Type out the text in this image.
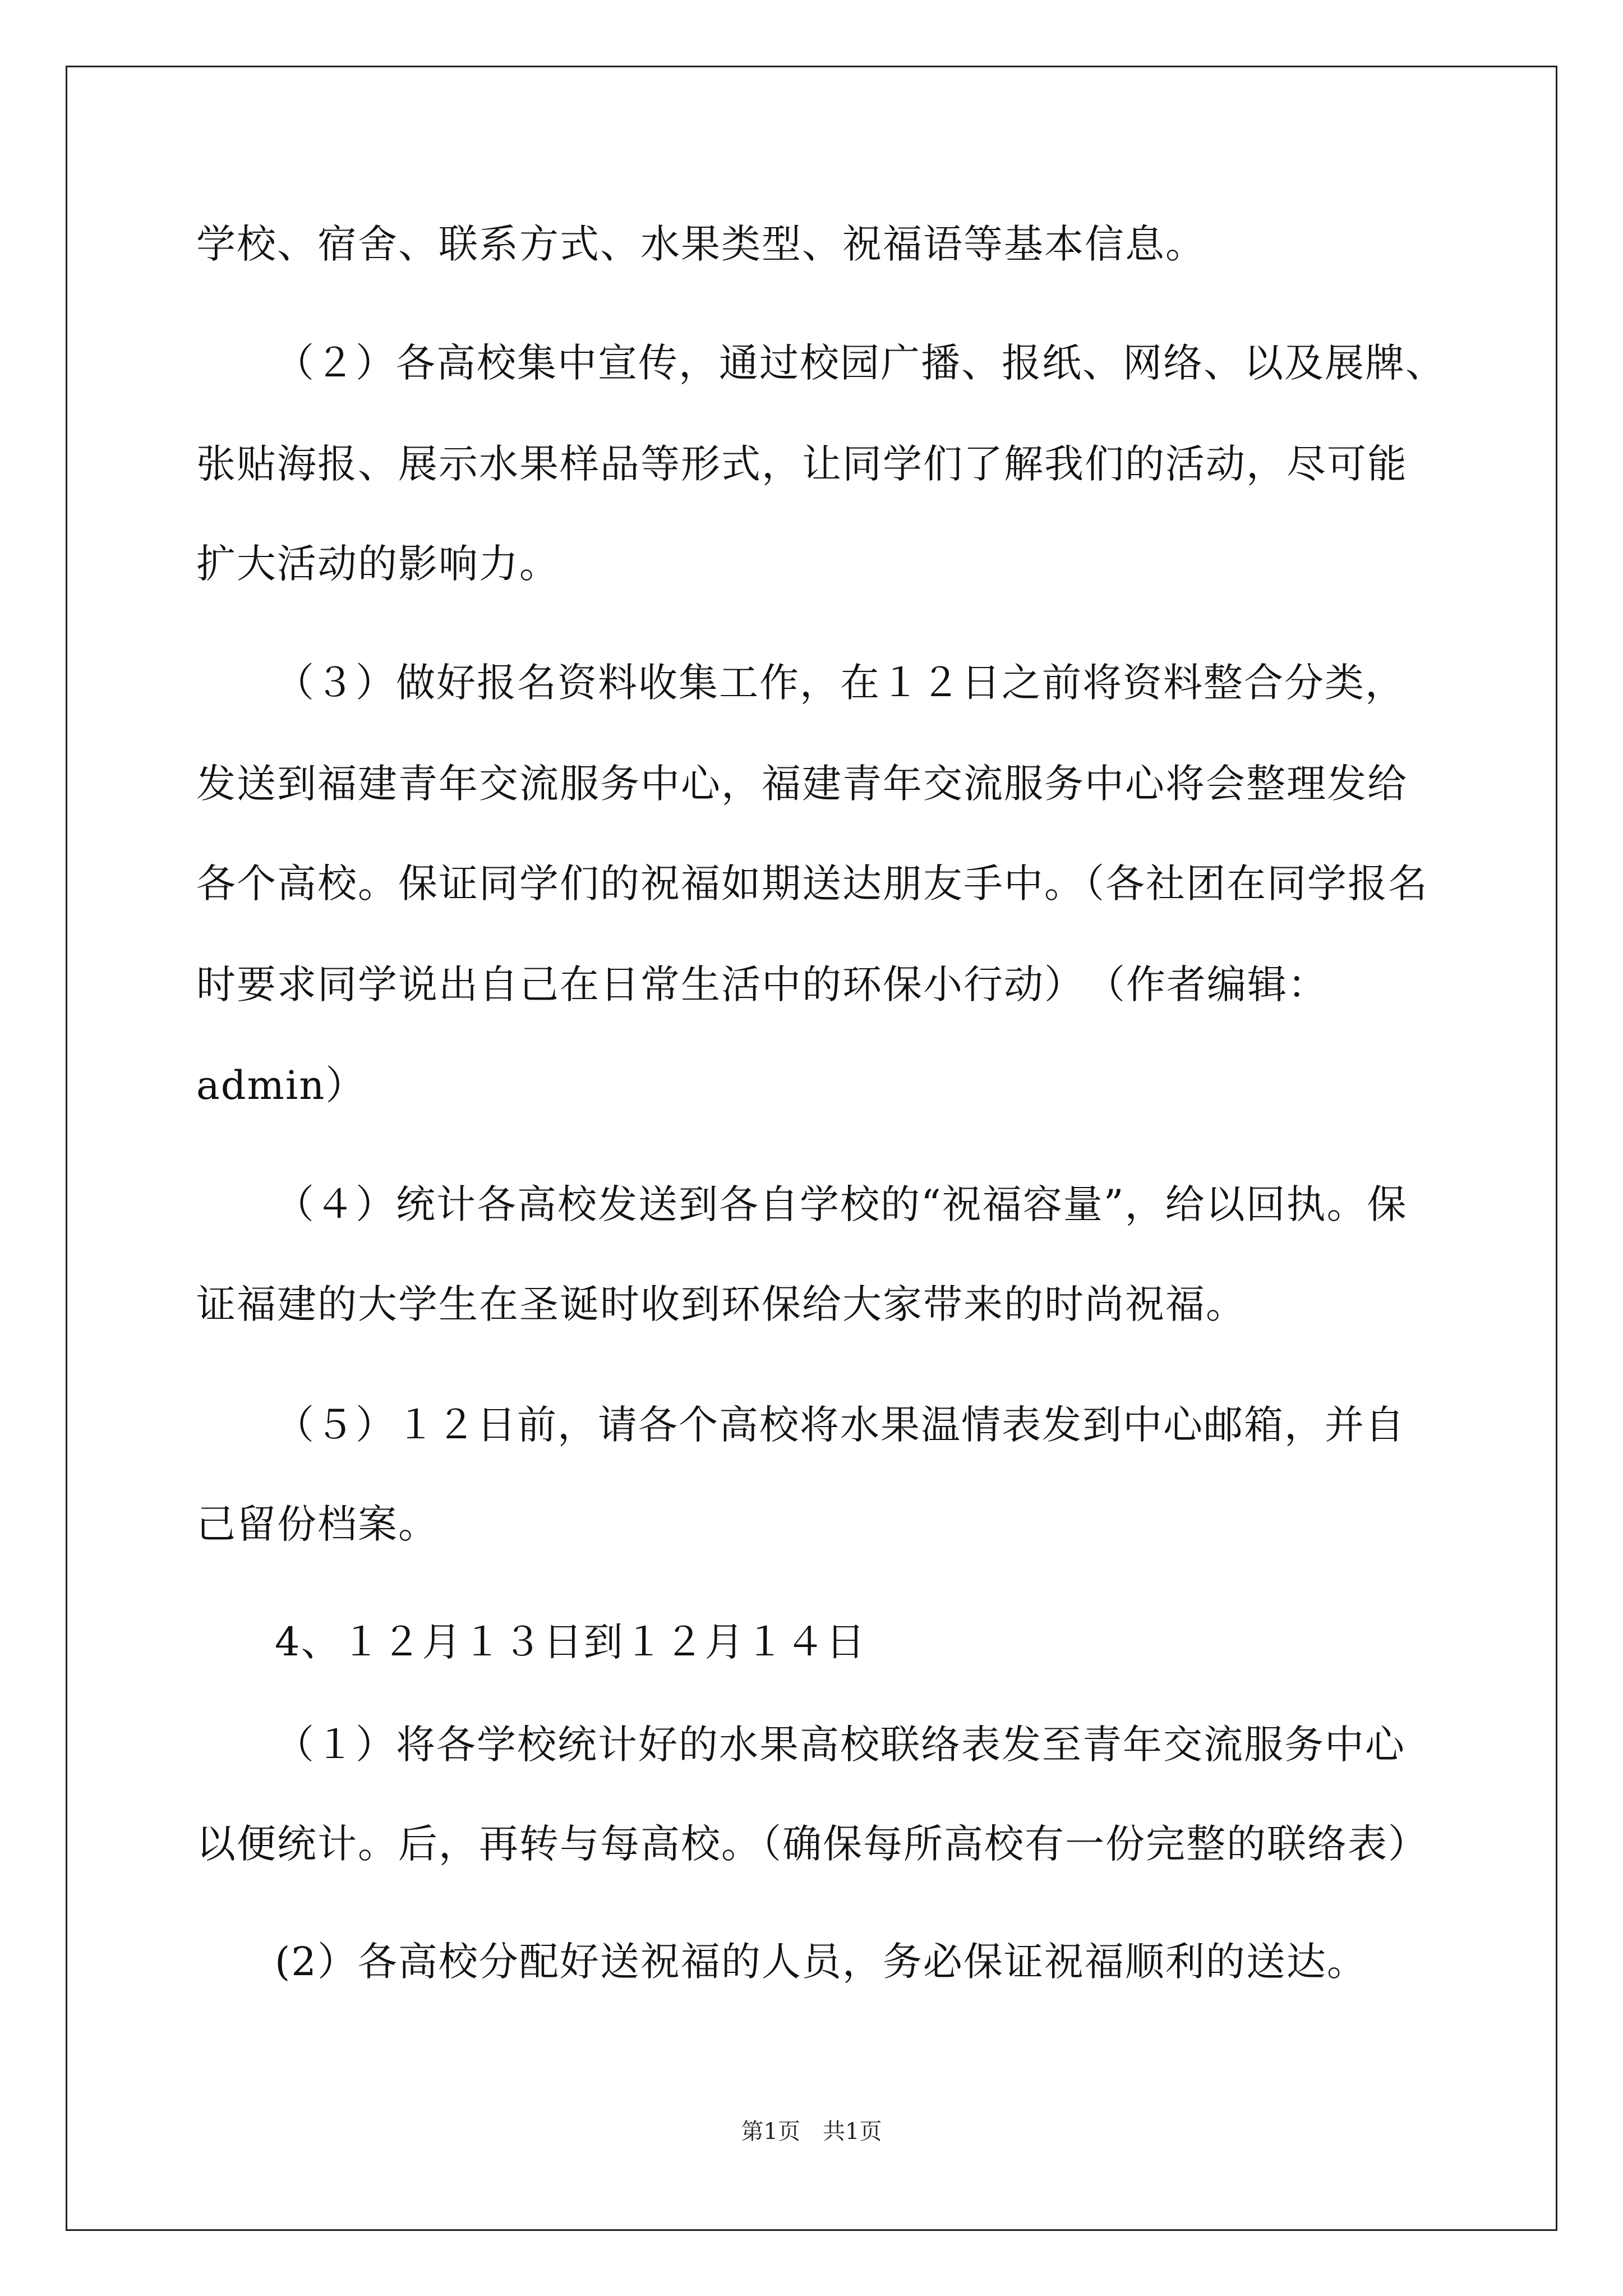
学校、宿舍、联系方式、水果类型、祝福语等基本信息。
（２）各高校集中宣传，通过校园广播、报纸、网络、以及展牌、
张贴海报、展示水果样品等形式，让同学们了解我们的活动，尽可能
扩大活动的影响力。
（３）做好报名资料收集工作，在１２日之前将资料整合分类，
发送到福建青年交流服务中心，福建青年交流服务中心将会整理发给
各个高校。保证同学们的祝福如期送达朋友手中。（各社团在同学报名
时要求同学说出自己在日常生活中的环保小行动）　（作者编辑：
admin）
（４）统计各高校发送到各自学校的“祝福容量”，给以回执。保
证福建的大学生在圣诞时收到环保给大家带来的时尚祝福。
（５）１２日前，请各个高校将水果温情表发到中心邮箱，并自
己留份档案。
4、１２月１３日到１２月１４日
（１）将各学校统计好的水果高校联络表发至青年交流服务中心
以便统计。后，再转与每高校。（确保每所高校有一份完整的联络表）
(2）各高校分配好送祝福的人员，务必保证祝福顺利的送达。
第1页　共1页
